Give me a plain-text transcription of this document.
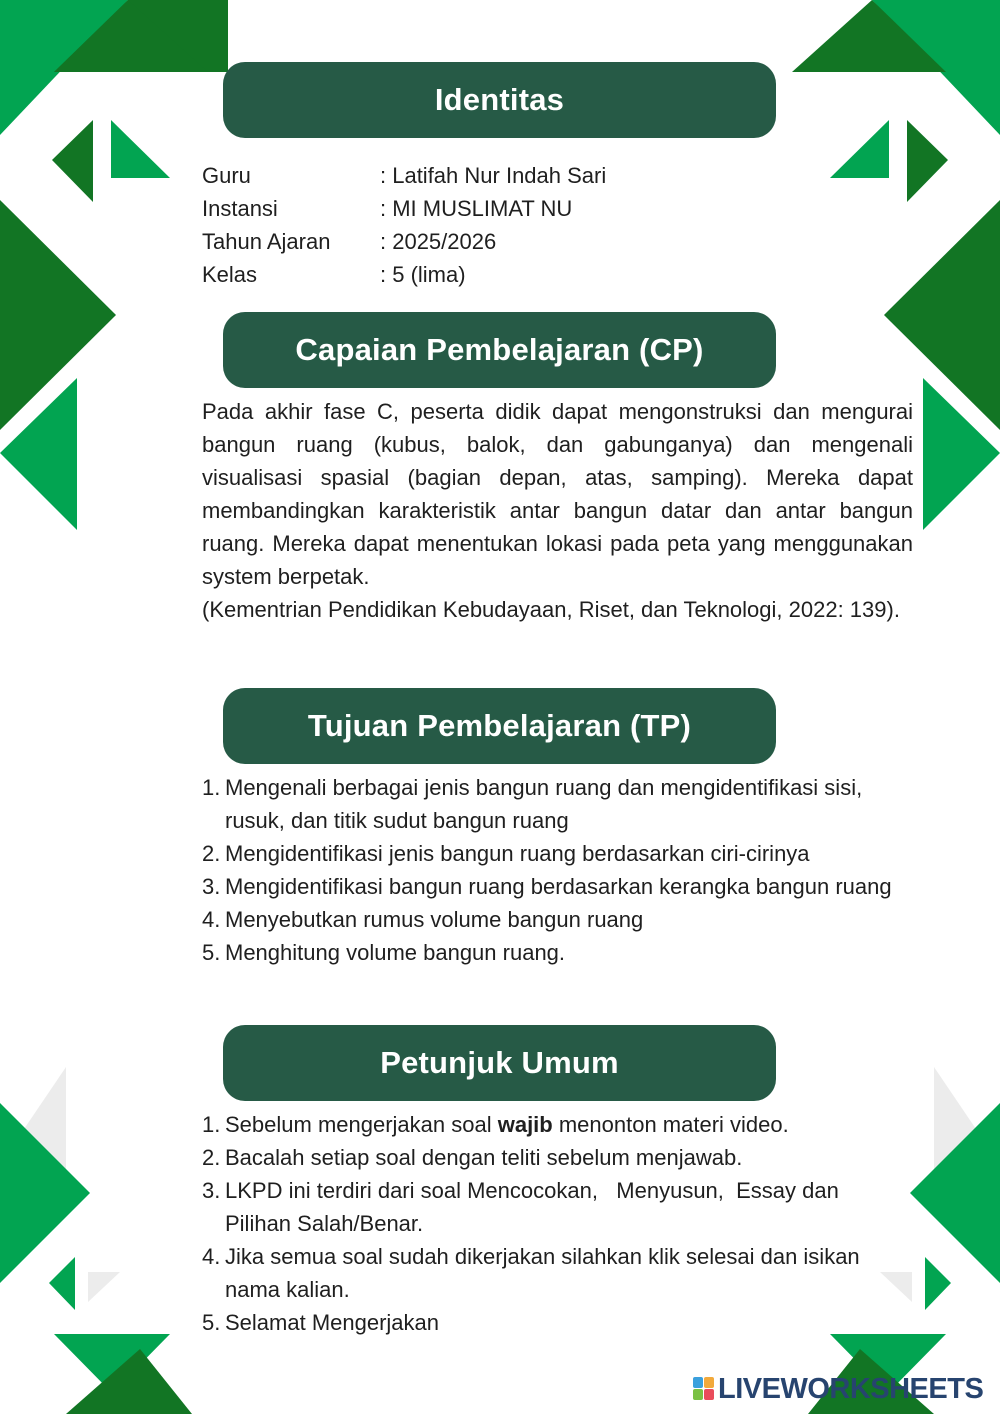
Identitas
Guru	: Latifah Nur Indah Sari
Instansi	: MI MUSLIMAT NU
Tahun Ajaran : 2025/2026
Kelas	: 5 (lima)
Capaian Pembelajaran (CP)
Pada akhir fase C, peserta didik dapat mengonstruksi dan mengurai bangun ruang (kubus, balok, dan gabunganya) dan mengenali visualisasi spasial (bagian depan, atas, samping). Mereka dapat membandingkan karakteristik antar bangun datar dan antar bangun ruang. Mereka dapat menentukan lokasi pada peta yang menggunakan system berpetak.
(Kementrian Pendidikan Kebudayaan, Riset, dan Teknologi, 2022: 139).
Tujuan Pembelajaran (TP)
1. Mengenali berbagai jenis bangun ruang dan mengidentifikasi sisi, rusuk, dan titik sudut bangun ruang
2. Mengidentifikasi jenis bangun ruang berdasarkan ciri-cirinya
3. Mengidentifikasi bangun ruang berdasarkan kerangka bangun ruang
4. Menyebutkan rumus volume bangun ruang
5. Menghitung volume bangun ruang.
Petunjuk Umum
1. Sebelum mengerjakan soal wajib menonton materi video.
2. Bacalah setiap soal dengan teliti sebelum menjawab.
3. LKPD ini terdiri dari soal Mencocokan,   Menyusun,  Essay dan Pilihan Salah/Benar.
4. Jika semua soal sudah dikerjakan silahkan klik selesai dan isikan nama kalian.
5. Selamat Mengerjakan
LIVEWORKSHEETS
